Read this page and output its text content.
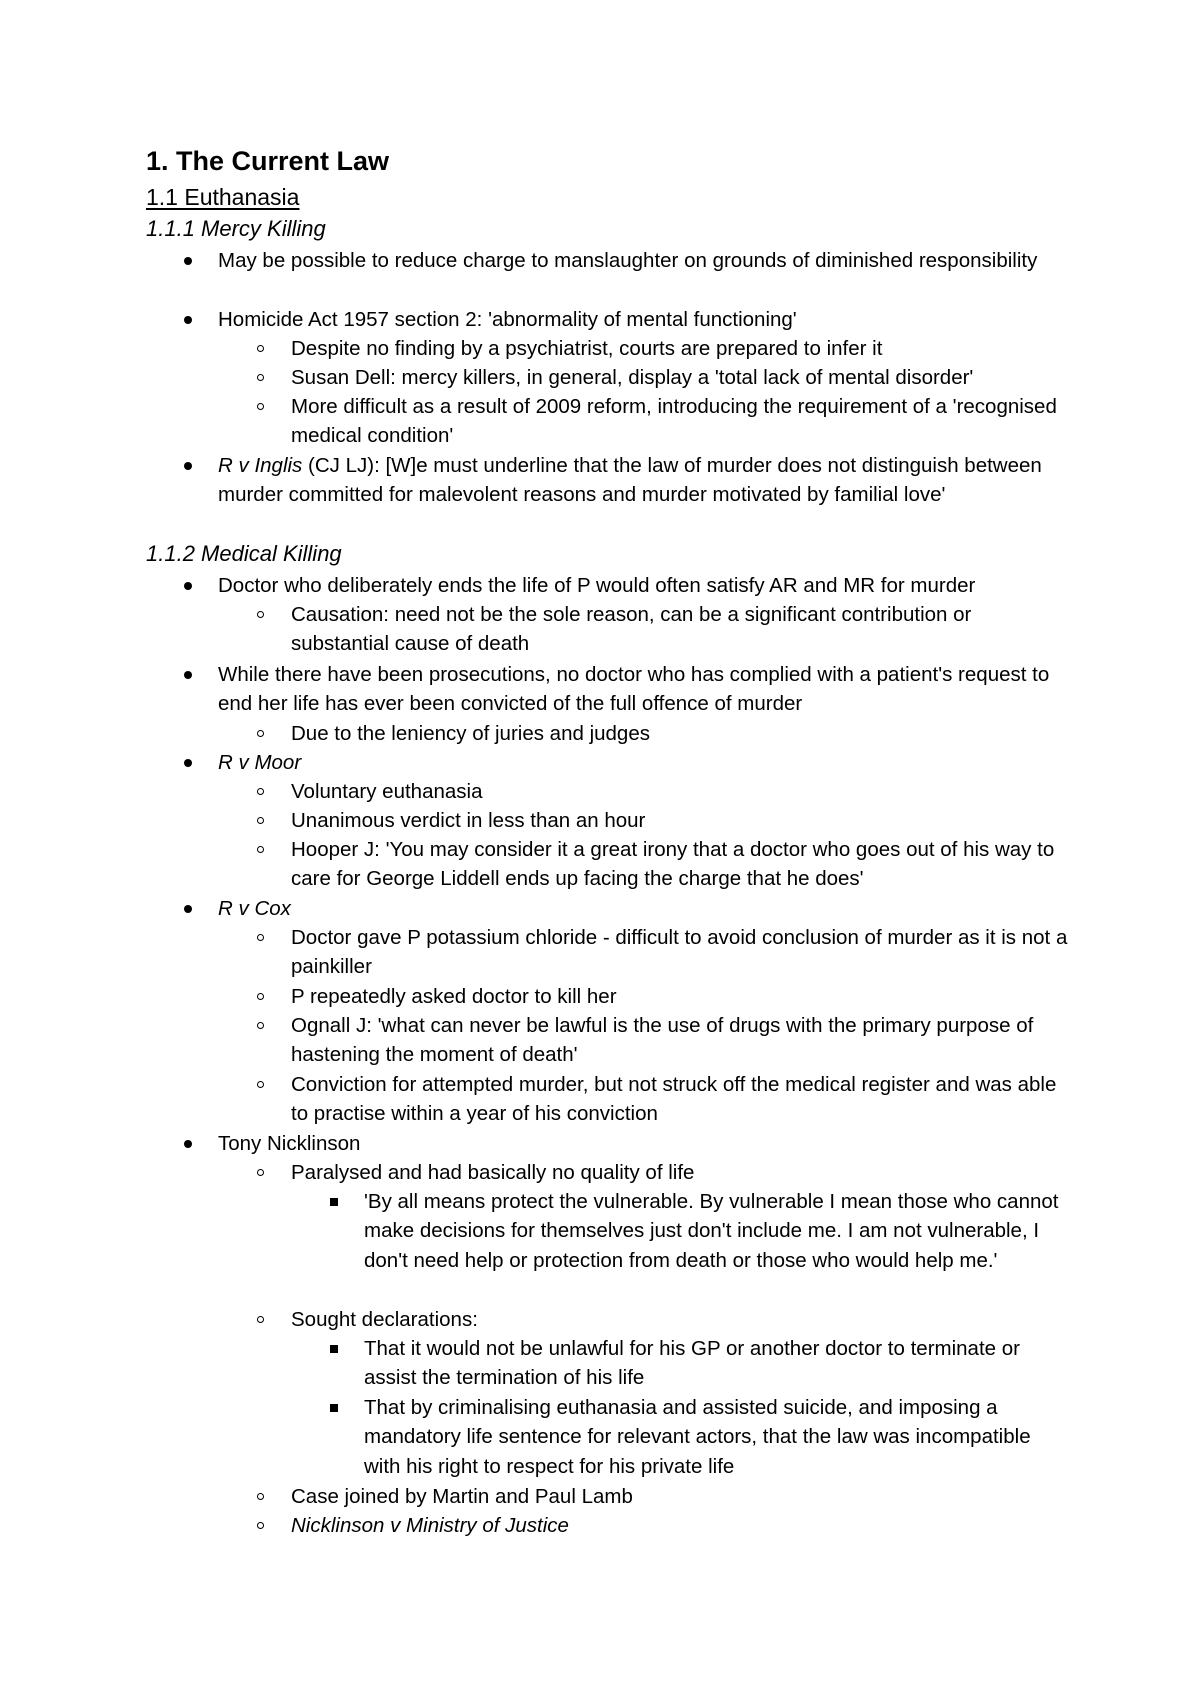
1. The Current Law
1.1 Euthanasia
1.1.1 Mercy Killing
May be possible to reduce charge to manslaughter on grounds of diminished responsibility
Homicide Act 1957 section 2: 'abnormality of mental functioning'
Despite no finding by a psychiatrist, courts are prepared to infer it
Susan Dell: mercy killers, in general, display a 'total lack of mental disorder'
More difficult as a result of 2009 reform, introducing the requirement of a 'recognised medical condition'
R v Inglis (CJ LJ): [W]e must underline that the law of murder does not distinguish between murder committed for malevolent reasons and murder motivated by familial love'
1.1.2 Medical Killing
Doctor who deliberately ends the life of P would often satisfy AR and MR for murder
Causation: need not be the sole reason, can be a significant contribution or substantial cause of death
While there have been prosecutions, no doctor who has complied with a patient's request to end her life has ever been convicted of the full offence of murder
Due to the leniency of juries and judges
R v Moor
Voluntary euthanasia
Unanimous verdict in less than an hour
Hooper J: 'You may consider it a great irony that a doctor who goes out of his way to care for George Liddell ends up facing the charge that he does'
R v Cox
Doctor gave P potassium chloride - difficult to avoid conclusion of murder as it is not a painkiller
P repeatedly asked doctor to kill her
Ognall J: 'what can never be lawful is the use of drugs with the primary purpose of hastening the moment of death'
Conviction for attempted murder, but not struck off the medical register and was able to practise within a year of his conviction
Tony Nicklinson
Paralysed and had basically no quality of life
'By all means protect the vulnerable. By vulnerable I mean those who cannot make decisions for themselves just don't include me. I am not vulnerable, I don't need help or protection from death or those who would help me.'
Sought declarations:
That it would not be unlawful for his GP or another doctor to terminate or assist the termination of his life
That by criminalising euthanasia and assisted suicide, and imposing a mandatory life sentence for relevant actors, that the law was incompatible with his right to respect for his private life
Case joined by Martin and Paul Lamb
Nicklinson v Ministry of Justice
